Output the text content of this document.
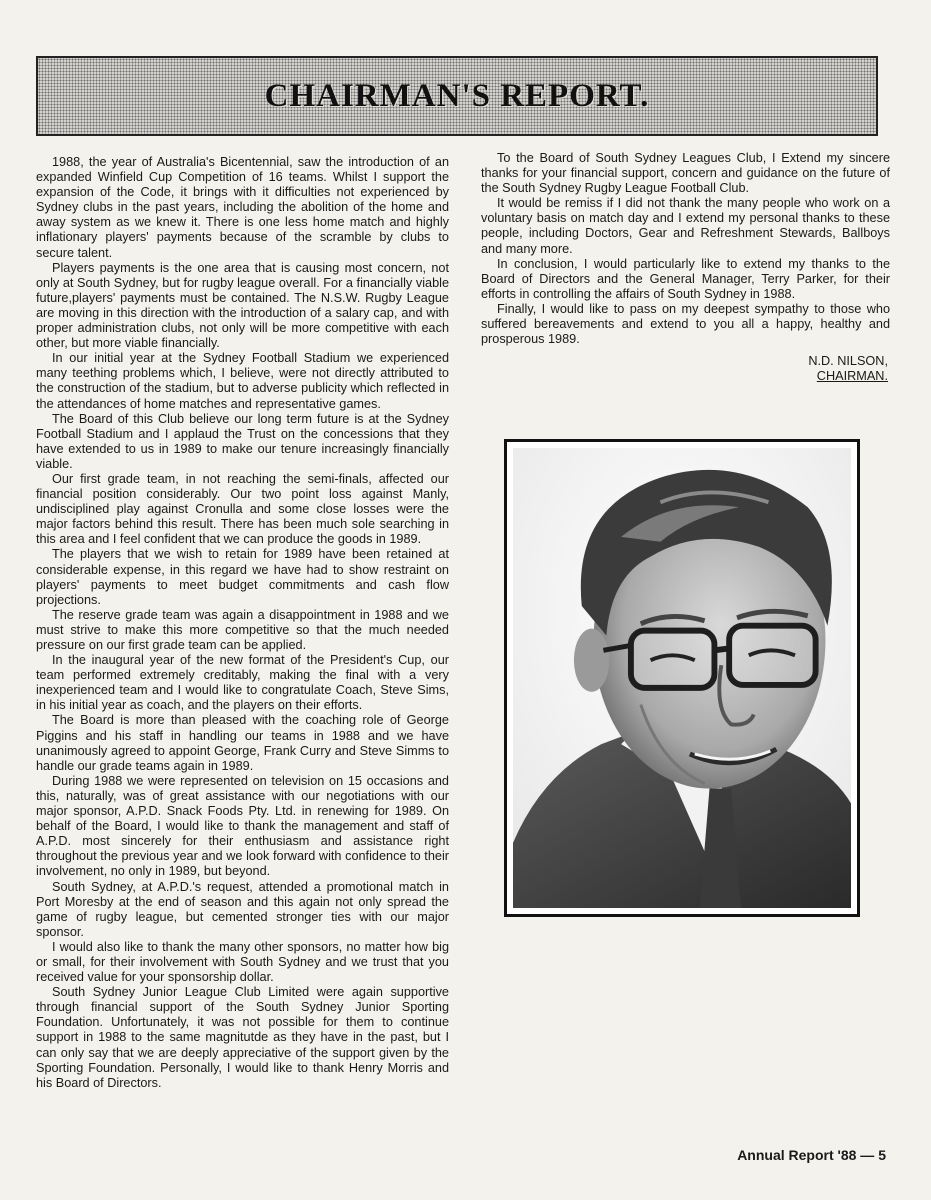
CHAIRMAN'S REPORT.

1988, the year of Australia's Bicentennial, saw the introduction of an expanded Winfield Cup Competition of 16 teams. Whilst I support the expansion of the Code, it brings with it difficulties not experienced by Sydney clubs in the past years, including the abolition of the home and away system as we knew it. There is one less home match and highly inflationary players' payments because of the scramble by clubs to secure talent.

Players payments is the one area that is causing most concern, not only at South Sydney, but for rugby league overall. For a financially viable future,players' payments must be contained. The N.S.W. Rugby League are moving in this direction with the introduction of a salary cap, and with proper administration clubs, not only will be more competitive with each other, but more viable financially.

In our initial year at the Sydney Football Stadium we experienced many teething problems which, I believe, were not directly attributed to the construction of the stadium, but to adverse publicity which reflected in the attendances of home matches and representative games.

The Board of this Club believe our long term future is at the Sydney Football Stadium and I applaud the Trust on the concessions that they have extended to us in 1989 to make our tenure increasingly financially viable.

Our first grade team, in not reaching the semi-finals, affected our financial position considerably. Our two point loss against Manly, undisciplined play against Cronulla and some close losses were the major factors behind this result. There has been much sole searching in this area and I feel confident that we can produce the goods in 1989.

The players that we wish to retain for 1989 have been retained at considerable expense, in this regard we have had to show restraint on players' payments to meet budget commitments and cash flow projections.

The reserve grade team was again a disappointment in 1988 and we must strive to make this more competitive so that the much needed pressure on our first grade team can be applied.

In the inaugural year of the new format of the President's Cup, our team performed extremely creditably, making the final with a very inexperienced team and I would like to congratulate Coach, Steve Sims, in his initial year as coach, and the players on their efforts.

The Board is more than pleased with the coaching role of George Piggins and his staff in handling our teams in 1988 and we have unanimously agreed to appoint George, Frank Curry and Steve Simms to handle our grade teams again in 1989.

During 1988 we were represented on television on 15 occasions and this, naturally, was of great assistance with our negotiations with our major sponsor, A.P.D. Snack Foods Pty. Ltd. in renewing for 1989. On behalf of the Board, I would like to thank the management and staff of A.P.D. most sincerely for their enthusiasm and assistance right throughout the previous year and we look forward with confidence to their involvement, no only in 1989, but beyond.

South Sydney, at A.P.D.'s request, attended a promotional match in Port Moresby at the end of season and this again not only spread the game of rugby league, but cemented stronger ties with our major sponsor.

I would also like to thank the many other sponsors, no matter how big or small, for their involvement with South Sydney and we trust that you received value for your sponsorship dollar.

South Sydney Junior League Club Limited were again supportive through financial support of the South Sydney Junior Sporting Foundation. Unfortunately, it was not possible for them to continue support in 1988 to the same magnitutde as they have in the past, but I can only say that we are deeply appreciative of the support given by the Sporting Foundation. Personally, I would like to thank Henry Morris and his Board of Directors.

To the Board of South Sydney Leagues Club, I Extend my sincere thanks for your financial support, concern and guidance on the future of the South Sydney Rugby League Football Club.

It would be remiss if I did not thank the many people who work on a voluntary basis on match day and I extend my personal thanks to these people, including Doctors, Gear and Refreshment Stewards, Ballboys and many more.

In conclusion, I would particularly like to extend my thanks to the Board of Directors and the General Manager, Terry Parker, for their efforts in controlling the affairs of South Sydney in 1988.

Finally, I would like to pass on my deepest sympathy to those who suffered bereavements and extend to you all a happy, healthy and prosperous 1989.

N.D. NILSON,
CHAIRMAN.
Annual Report '88 — 5
